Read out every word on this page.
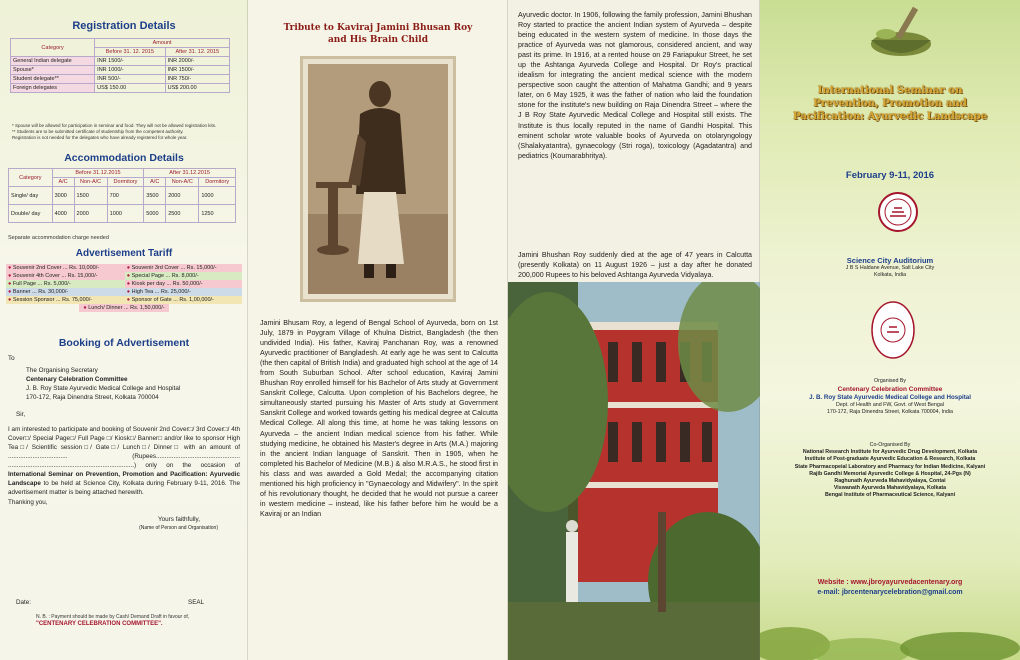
Registration Details
Category	Amount	
	Before 31. 12. 2015	After 31. 12. 2015
General Indian delegate	INR 1500/-	INR 2000/-
Spouse*	INR 1000/-	INR 1500/-
Student delegate**	INR 500/-	INR 750/-
Foreign delegates	US$ 150.00	US$ 200.00
* Spouse will be allowed for participation in seminar and food. They will not be allowed registration kits.
** Students are to be submitted certificate of studentship from the competent authority.
Registration is not needed for the delegates who have already registered for whole year.
Accommodation Details
Category	Before 31.12.2015			After 31.12.2015		
	A/C	Non-A/C	Dormitory	A/C	Non-A/C	Dormitory
Single/ day	3000	1500	700	3500	2000	1000
Double/ day	4000	2000	1000	5000	2500	1250
Separate accommodation charge needed
Advertisement Tariff
● Souvenir 2nd Cover ... Rs. 10,000/-	● Souvenir 3rd Cover ... Rs. 15,000/-
● Souvenir 4th Cover ... Rs. 15,000/-	● Special Page ... Rs. 8,000/-
● Full Page ... Rs. 5,000/-	● Kiosk per day ... Rs. 50,000/-
● Banner ... Rs. 30,000/-	● High Tea ... Rs. 25,000/-
● Session Sponsor ... Rs. 75,000/-	● Sponsor of Gate ... Rs. 1,00,000/-
● Lunch/ Dinner ... Rs. 1,50,000/-	
Booking of Advertisement
To
The Organising Secretary
Centenary Celebration Committee
J. B. Roy State Ayurvedic Medical College and Hospital
170-172, Raja Dinendra Street, Kolkata 700004
Sir,
I am interested to participate and booking of Souvenir 2nd Cover□/ 3rd Cover□/ 4th Cover□/ Special Page□/ Full Page □/ Kiosk□/ Banner□ and/or like to sponsor High Tea□/ Scientific session□/ Gate□/ Lunch□/ Dinner□ with an amount of .................................. (Rupees................................................ ........................................................................) only on the occasion of International Seminar on Prevention, Promotion and Pacification: Ayurvedic Landscape to be held at Science City, Kolkata during February 9-11, 2016. The advertisement matter is being attached herewith.
Thanking you,
Yours faithfully,
(Name of Person and Organisation)
Date:	SEAL
N. B. : Payment should be made by Cash/ Demand Draft in favour of,
"CENTENARY CELEBRATION COMMITTEE".
Tribute to Kaviraj Jamini Bhusan Roy
and His Brain Child
Jamini Bhusam Roy, a legend of Bengal School of Ayurveda, born on 1st July, 1879 in Poygram Village of Khulna District, Bangladesh (the then undivided India). His father, Kaviraj Panchanan Roy, was a renowned Ayurvedic practitioner of Bangladesh. At early age he was sent to Calcutta (the then capital of British India) and graduated high school at the age of 14 from South Suburban School. After school education, Kaviraj Jamini Bhushan Roy enrolled himself for his Bachelor of Arts study at Government Sanskrit College, Calcutta. Upon completion of his Bachelors degree, he simultaneously started pursuing his Master of Arts study at Government Sanskrit College and worked towards getting his medical degree at Calcutta Medical College. All along this time, at home he was taking lessons on Ayurveda – the ancient Indian medical science from his father. While studying medicine, he obtained his Master's degree in Arts (M.A.) majoring in the ancient Indian language of Sanskrit. Then in 1905, when he completed his Bachelor of Medicine (M.B.) & also M.R.A.S., he stood first in his class and was awarded a Gold Medal; the accompanying citation mentioned his high proficiency in "Gynaecology and Midwifery". In the spirit of his revolutionary thought, he decided that he would not pursue a career in western medicine – instead, like his father before him he would be a Kaviraj or an Indian
Ayurvedic doctor. In 1906, following the family profession, Jamini Bhushan Roy started to practice the ancient Indian system of Ayurveda – despite being educated in the western system of medicine. In those days the practice of Ayurveda was not glamorous, considered ancient, and way past its prime. In 1916, at a rented house on 29 Fariapukur Street, he set up the Ashtanga Ayurveda College and Hospital. Dr Roy's practical idealism for integrating the ancient medical science with the modern perspective soon caught the attention of Mahatma Gandhi; and 9 years later, on 6 May 1925, it was the father of nation who laid the foundation stone for the institute's new building on Raja Dinendra Street – where the J B Roy State Ayurvedic Medical College and Hospital still exists. The Institute is thus locally reputed in the name of Gandhi Hospital. This eminent scholar wrote valuable books of Ayurveda on otolaryngology (Shalakyatantra), gynaecology (Stri roga), toxicology (Agadatantra) and pediatrics (Koumarabhritya).
Jamini Bhushan Roy suddenly died at the age of 47 years in Calcutta (presently Kolkata) on 11 August 1926 – just a day after he donated 200,000 Rupees to his beloved Ashtanga Ayurveda Vidyalaya.
International Seminar on
Prevention, Promotion and
Pacification: Ayurvedic Landscape
February 9-11, 2016
Science City Auditorium
J B S Haldane Avenue, Salt Lake City
Kolkata, India
Organised By
Centenary Celebration Committee
J. B. Roy State Ayurvedic Medical College and Hospital
Dept. of Health and FW, Govt. of West Bengal
170-172, Raja Dinendra Street, Kolkata 700004, India
Co-Organised By
National Research Institute for Ayurvedic Drug Development, Kolkata
Institute of Post-graduate Ayurvedic Education & Research, Kolkata
State Pharmacopeial Laboratory and Pharmacy for Indian Medicine, Kalyani
Rajib Gandhi Memorial Ayurvedic College & Hospital, 24-Pgs (N)
Raghunath Ayurveda Mahavidyalaya, Contai
Viswanath Ayurveda Mahavidyalaya, Kolkata
Bengal Institute of Pharmaceutical Science, Kalyani
Website : www.jbroyayurvedacentenary.org
e-mail: jbrcentenarycelebration@gmail.com
